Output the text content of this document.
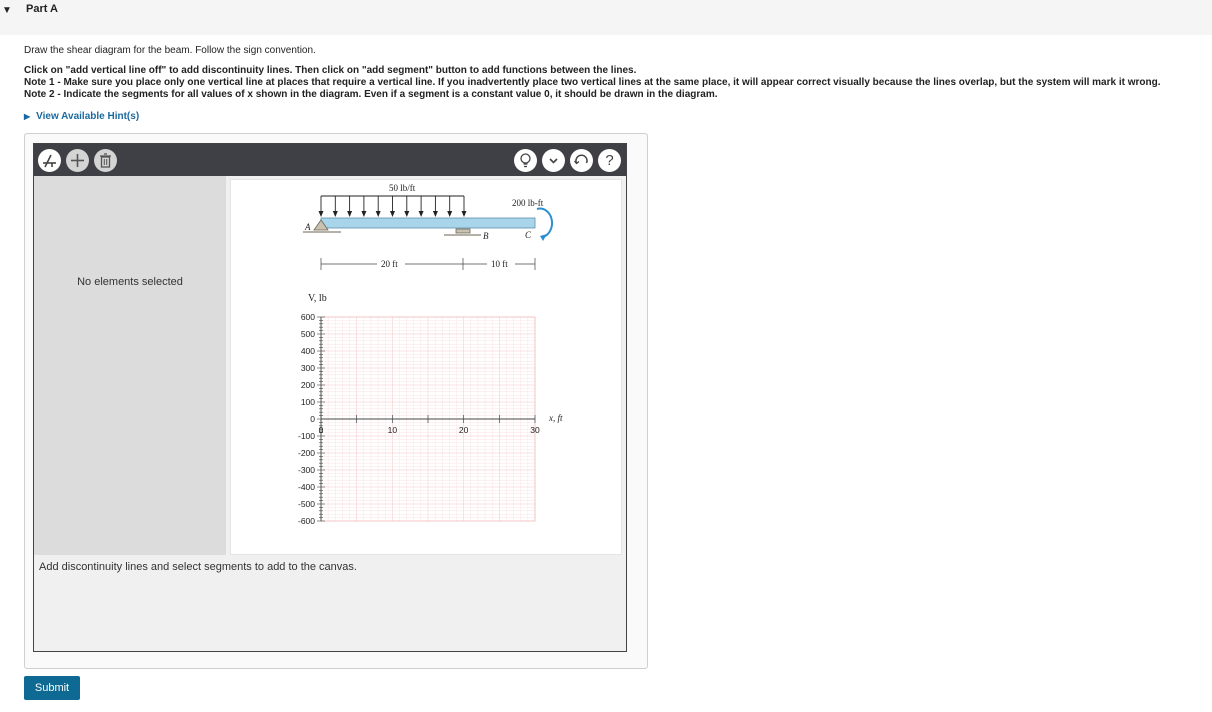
▼ Part A
Draw the shear diagram for the beam. Follow the sign convention.
Click on "add vertical line off" to add discontinuity lines. Then click on "add segment" button to add functions between the lines.
Note 1 - Make sure you place only one vertical line at places that require a vertical line. If you inadvertently place two vertical lines at the same place, it will appear correct visually because the lines overlap, but the system will mark it wrong.
Note 2 - Indicate the segments for all values of x shown in the diagram. Even if a segment is a constant value 0, it should be drawn in the diagram.
▶ View Available Hint(s)
?
No elements selected
50 lb/ft
A
B
200 lb-ft
C
20 ft	10 ft
V, lb
600
500
400
300
200
100
0
-100
-200
-300
-400
-500
-600
0	10	20	30
x, ft
Add discontinuity lines and select segments to add to the canvas.
Submit
